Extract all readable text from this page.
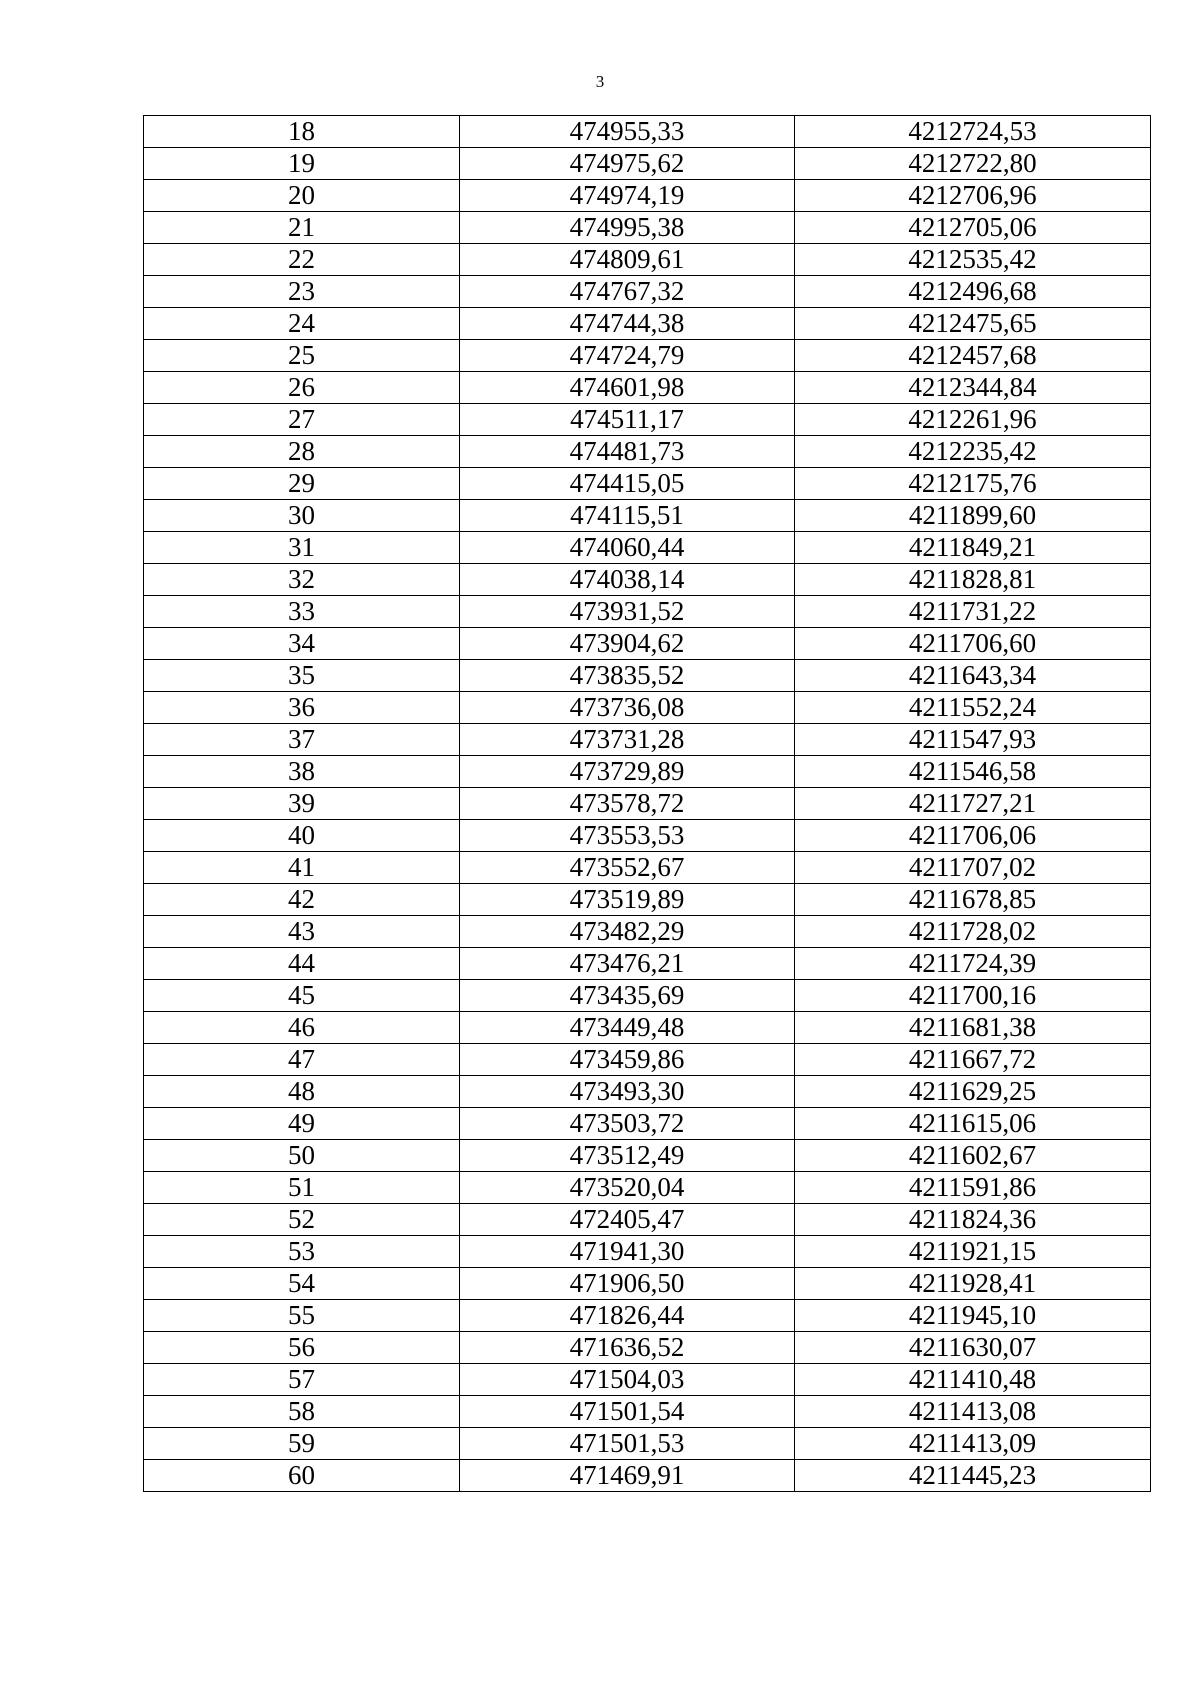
3
18	474955,33	4212724,53
19	474975,62	4212722,80
20	474974,19	4212706,96
21	474995,38	4212705,06
22	474809,61	4212535,42
23	474767,32	4212496,68
24	474744,38	4212475,65
25	474724,79	4212457,68
26	474601,98	4212344,84
27	474511,17	4212261,96
28	474481,73	4212235,42
29	474415,05	4212175,76
30	474115,51	4211899,60
31	474060,44	4211849,21
32	474038,14	4211828,81
33	473931,52	4211731,22
34	473904,62	4211706,60
35	473835,52	4211643,34
36	473736,08	4211552,24
37	473731,28	4211547,93
38	473729,89	4211546,58
39	473578,72	4211727,21
40	473553,53	4211706,06
41	473552,67	4211707,02
42	473519,89	4211678,85
43	473482,29	4211728,02
44	473476,21	4211724,39
45	473435,69	4211700,16
46	473449,48	4211681,38
47	473459,86	4211667,72
48	473493,30	4211629,25
49	473503,72	4211615,06
50	473512,49	4211602,67
51	473520,04	4211591,86
52	472405,47	4211824,36
53	471941,30	4211921,15
54	471906,50	4211928,41
55	471826,44	4211945,10
56	471636,52	4211630,07
57	471504,03	4211410,48
58	471501,54	4211413,08
59	471501,53	4211413,09
60	471469,91	4211445,23
